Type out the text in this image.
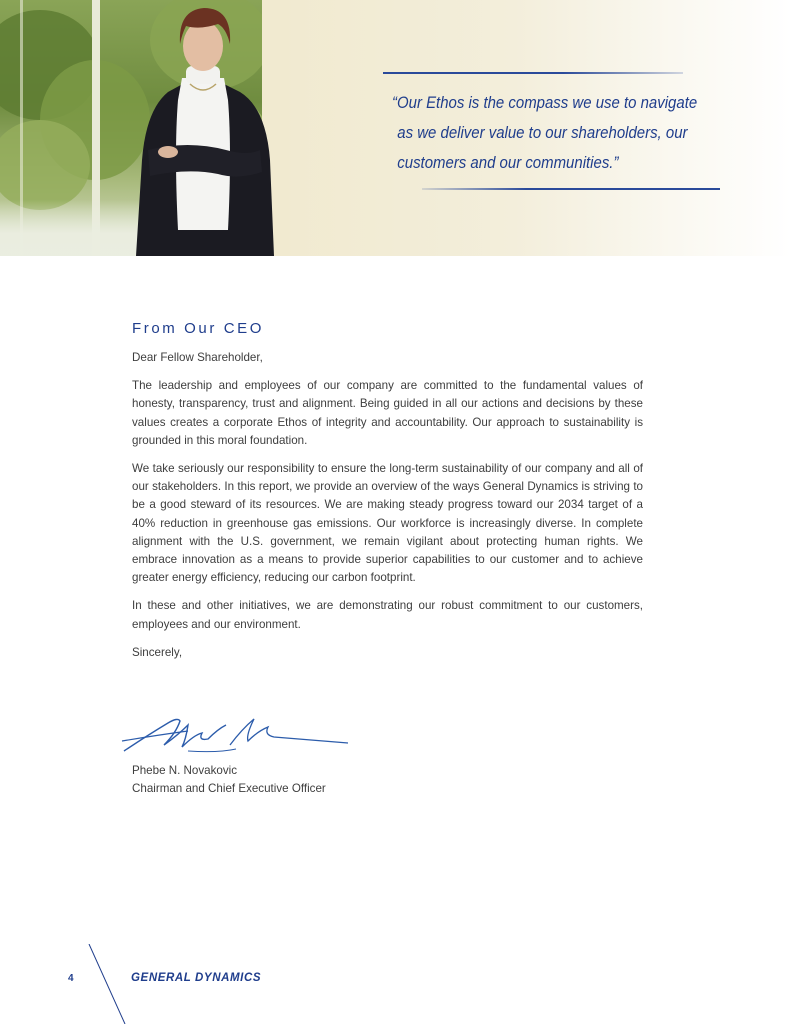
“Our Ethos is the compass we use to navigate
as we deliver value to our shareholders, our
customers and our communities.”

From Our CEO

Dear Fellow Shareholder,

The leadership and employees of our company are committed to the fundamental values of honesty, transparency, trust and alignment. Being guided in all our actions and decisions by these values creates a corporate Ethos of integrity and accountability. Our approach to sustainability is grounded in this moral foundation.

We take seriously our responsibility to ensure the long-term sustainability of our company and all of our stakeholders. In this report, we provide an overview of the ways General Dynamics is striving to be a good steward of its resources. We are making steady progress toward our 2034 target of a 40% reduction in greenhouse gas emissions. Our workforce is increasingly diverse. In complete alignment with the U.S. government, we remain vigilant about protecting human rights. We embrace innovation as a means to provide superior capabilities to our customer and to achieve greater energy efficiency, reducing our carbon footprint.

In these and other initiatives, we are demonstrating our robust commitment to our customers, employees and our environment.

Sincerely,

Phebe N. Novakovic
Chairman and Chief Executive Officer
4	GENERAL DYNAMICS
